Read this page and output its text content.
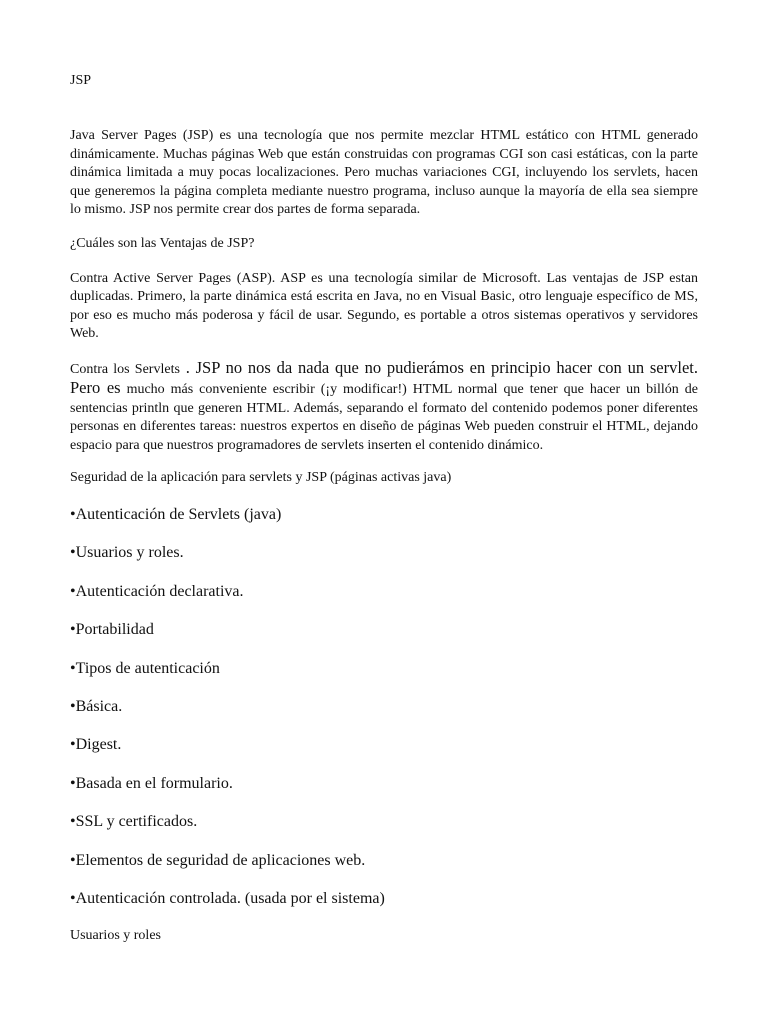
JSP

Java Server Pages (JSP) es una tecnología que nos permite mezclar HTML estático con HTML generado dinámicamente. Muchas páginas Web que están construidas con programas CGI son casi estáticas, con la parte dinámica limitada a muy pocas localizaciones. Pero muchas variaciones CGI, incluyendo los servlets, hacen que generemos la página completa mediante nuestro programa, incluso aunque la mayoría de ella sea siempre lo mismo. JSP nos permite crear dos partes de forma separada.

¿Cuáles son las Ventajas de JSP?

Contra Active Server Pages (ASP). ASP es una tecnología similar de Microsoft. Las ventajas de JSP estan duplicadas. Primero, la parte dinámica está escrita en Java, no en Visual Basic, otro lenguaje específico de MS, por eso es mucho más poderosa y fácil de usar. Segundo, es portable a otros sistemas operativos y servidores Web.

Contra los Servlets . JSP no nos da nada que no pudierámos en principio hacer con un servlet. Pero es mucho más conveniente escribir (¡y modificar!) HTML normal que tener que hacer un billón de sentencias println que generen HTML. Además, separando el formato del contenido podemos poner diferentes personas en diferentes tareas: nuestros expertos en diseño de páginas Web pueden construir el HTML, dejando espacio para que nuestros programadores de servlets inserten el contenido dinámico.

Seguridad de la aplicación para servlets y JSP (páginas activas java)
•Autenticación de Servlets (java)
•Usuarios y roles.
•Autenticación declarativa.
•Portabilidad
•Tipos de autenticación
•Básica.
•Digest.
•Basada en el formulario.
•SSL y certificados.
•Elementos de seguridad de aplicaciones web.
•Autenticación controlada. (usada por el sistema)
Usuarios y roles
